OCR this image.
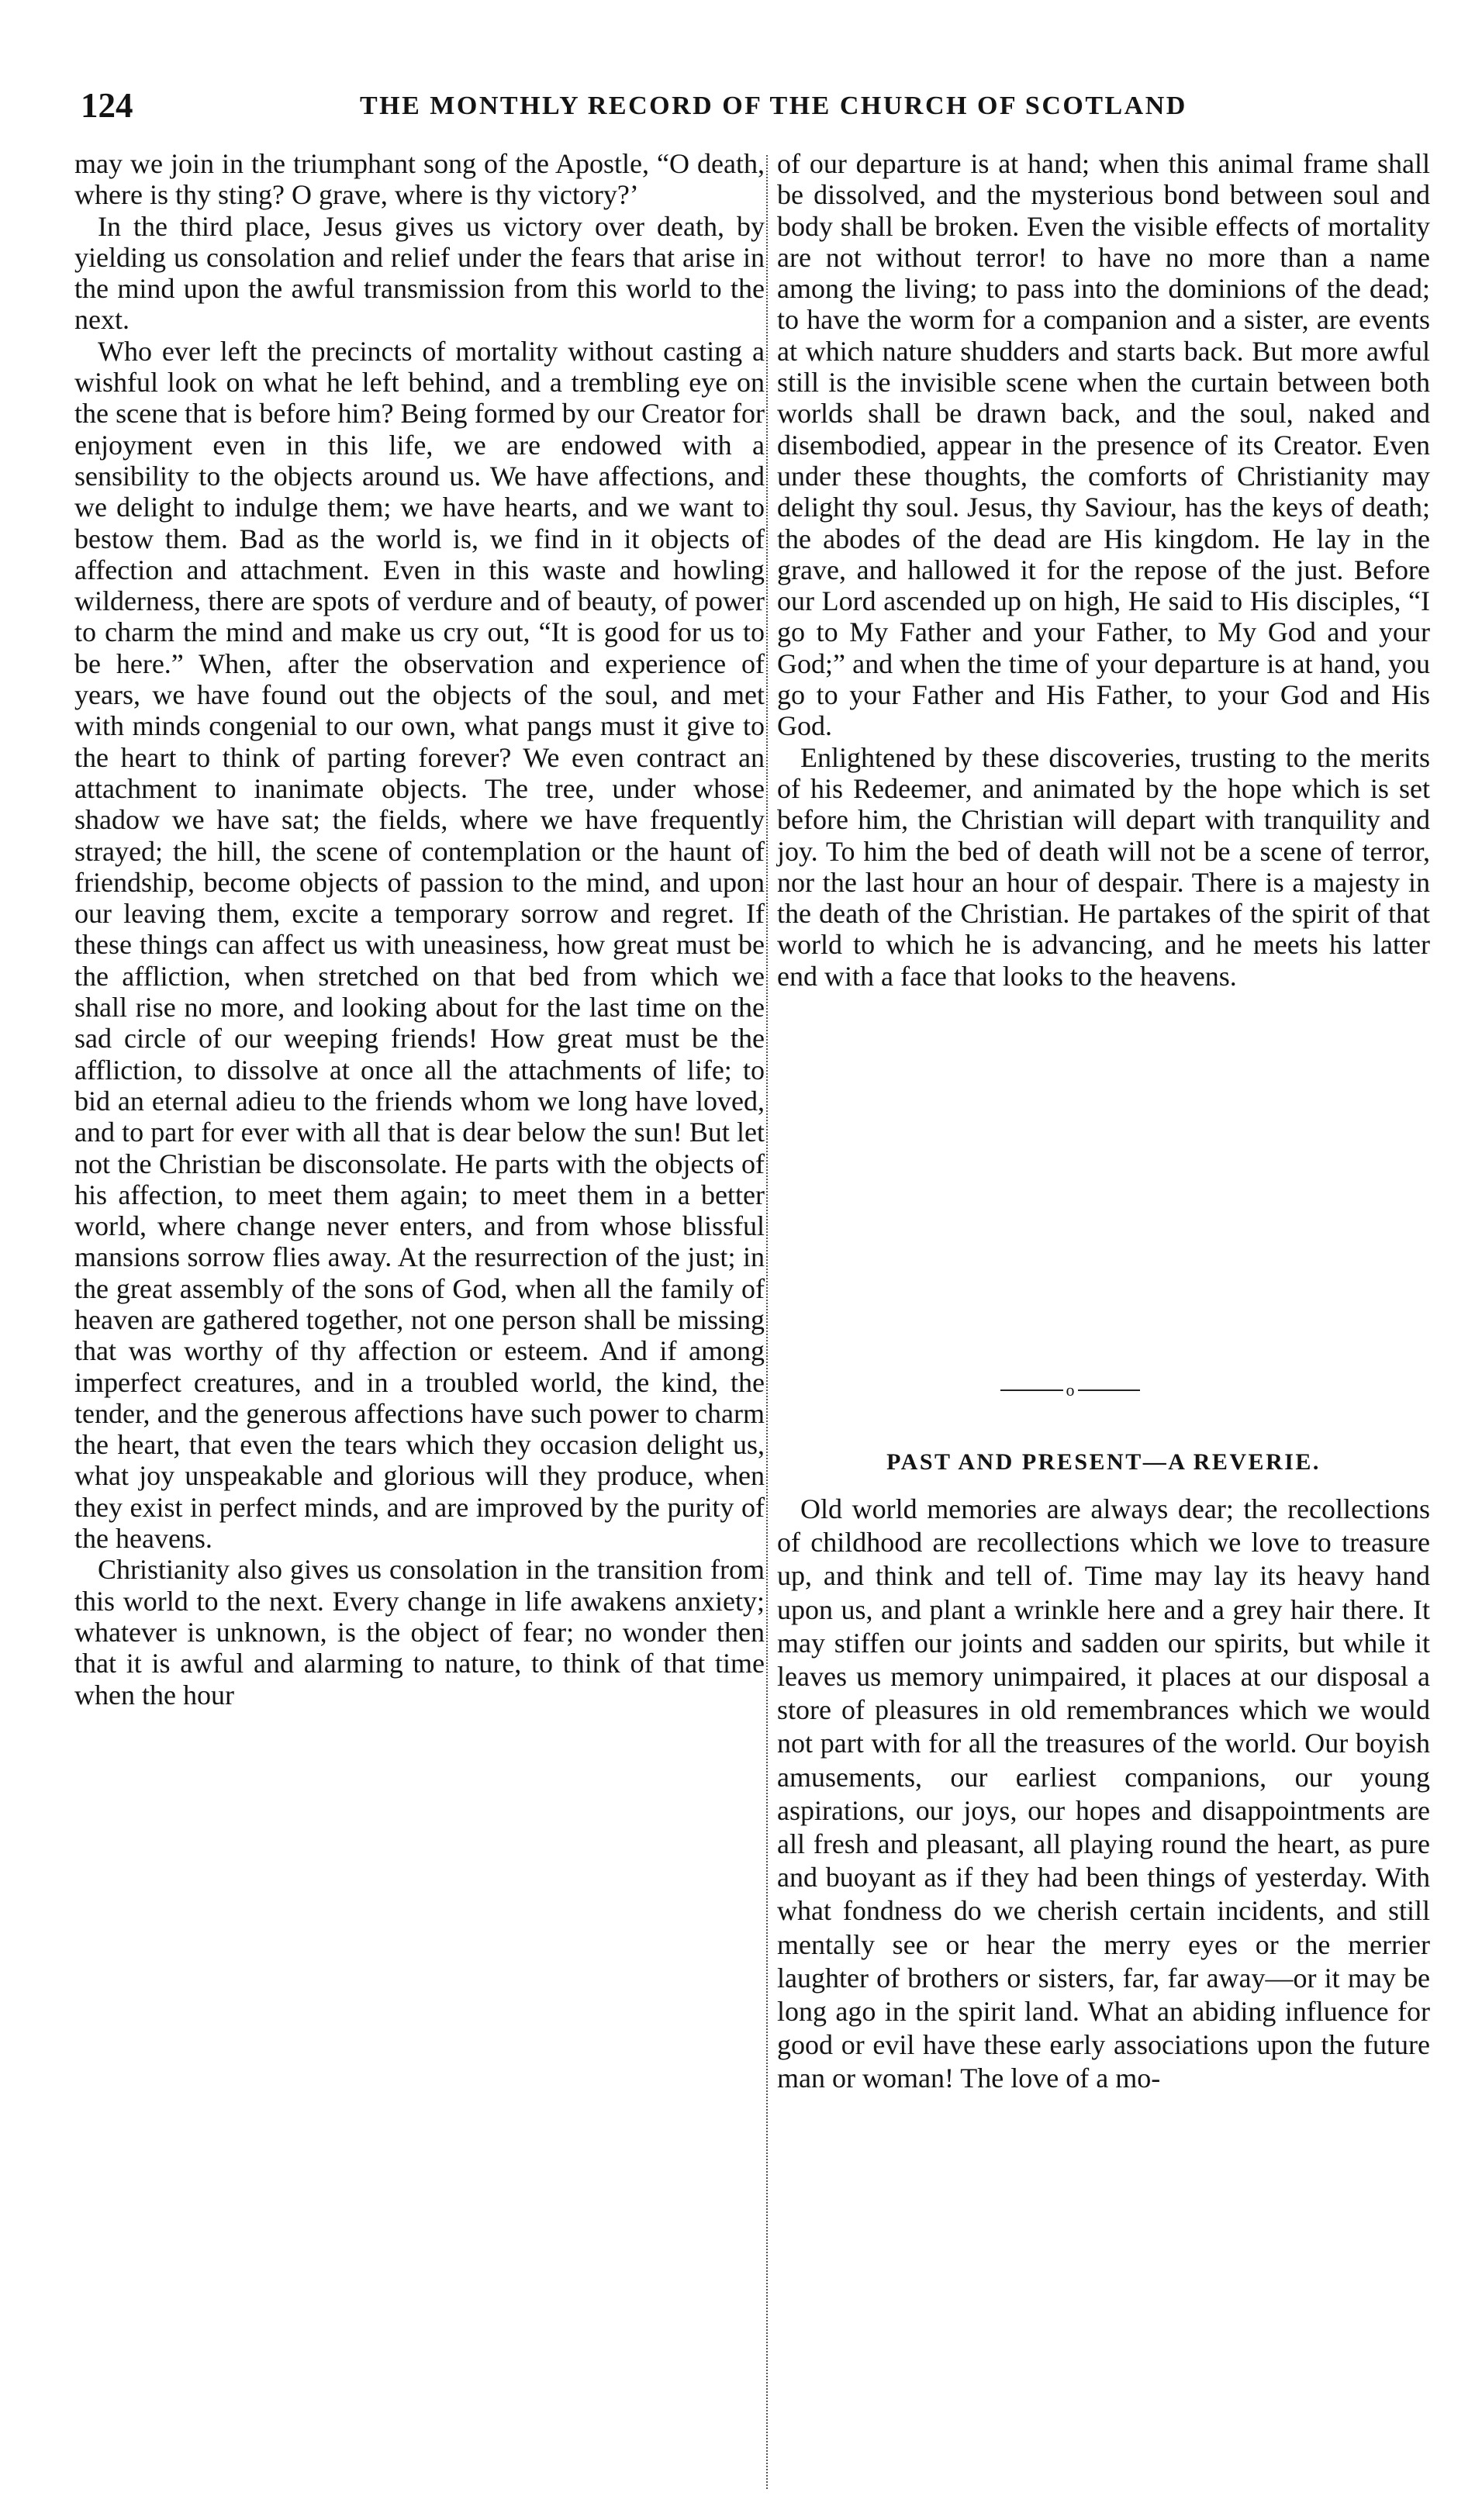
124	THE MONTHLY RECORD OF THE CHURCH OF SCOTLAND

may we join in the triumphant song of the Apostle, “O death, where is thy sting? O grave, where is thy victory?’

In the third place, Jesus gives us victory over death, by yielding us consolation and relief under the fears that arise in the mind upon the awful transmission from this world to the next.

Who ever left the precincts of mortality without casting a wishful look on what he left behind, and a trembling eye on the scene that is before him? Being formed by our Creator for enjoyment even in this life, we are endowed with a sensibility to the objects around us. We have affections, and we delight to indulge them; we have hearts, and we want to bestow them. Bad as the world is, we find in it objects of affection and attachment. Even in this waste and howling wilderness, there are spots of verdure and of beauty, of power to charm the mind and make us cry out, “It is good for us to be here.” When, after the observation and experience of years, we have found out the objects of the soul, and met with minds congenial to our own, what pangs must it give to the heart to think of parting forever? We even contract an attachment to inanimate objects. The tree, under whose shadow we have sat; the fields, where we have frequently strayed; the hill, the scene of contemplation or the haunt of friendship, become objects of passion to the mind, and upon our leaving them, excite a temporary sorrow and regret. If these things can affect us with uneasiness, how great must be the affliction, when stretched on that bed from which we shall rise no more, and looking about for the last time on the sad circle of our weeping friends! How great must be the affliction, to dissolve at once all the attachments of life; to bid an eternal adieu to the friends whom we long have loved, and to part for ever with all that is dear below the sun! But let not the Christian be disconsolate. He parts with the objects of his affection, to meet them again; to meet them in a better world, where change never enters, and from whose blissful mansions sorrow flies away. At the resurrection of the just; in the great assembly of the sons of God, when all the family of heaven are gathered together, not one person shall be missing that was worthy of thy affection or esteem. And if among imperfect creatures, and in a troubled world, the kind, the tender, and the generous affections have such power to charm the heart, that even the tears which they occasion delight us, what joy unspeakable and glorious will they produce, when they exist in perfect minds, and are improved by the purity of the heavens.

Christianity also gives us consolation in the transition from this world to the next. Every change in life awakens anxiety; whatever is unknown, is the object of fear; no wonder then that it is awful and alarming to nature, to think of that time when the hour

of our departure is at hand; when this animal frame shall be dissolved, and the mysterious bond between soul and body shall be broken. Even the visible effects of mortality are not without terror! to have no more than a name among the living; to pass into the dominions of the dead; to have the worm for a companion and a sister, are events at which nature shudders and starts back. But more awful still is the invisible scene when the curtain between both worlds shall be drawn back, and the soul, naked and disembodied, appear in the presence of its Creator. Even under these thoughts, the comforts of Christianity may delight thy soul. Jesus, thy Saviour, has the keys of death; the abodes of the dead are His kingdom. He lay in the grave, and hallowed it for the repose of the just. Before our Lord ascended up on high, He said to His disciples, “I go to My Father and your Father, to My God and your God;” and when the time of your departure is at hand, you go to your Father and His Father, to your God and His God.

Enlightened by these discoveries, trusting to the merits of his Redeemer, and animated by the hope which is set before him, the Christian will depart with tranquility and joy. To him the bed of death will not be a scene of terror, nor the last hour an hour of despair. There is a majesty in the death of the Christian. He partakes of the spirit of that world to which he is advancing, and he meets his latter end with a face that looks to the heavens.

o
PAST AND PRESENT—A REVERIE.

Old world memories are always dear; the recollections of childhood are recollections which we love to treasure up, and think and tell of. Time may lay its heavy hand upon us, and plant a wrinkle here and a grey hair there. It may stiffen our joints and sadden our spirits, but while it leaves us memory unimpaired, it places at our disposal a store of pleasures in old remembrances which we would not part with for all the treasures of the world. Our boyish amusements, our earliest companions, our young aspirations, our joys, our hopes and disappointments are all fresh and pleasant, all playing round the heart, as pure and buoyant as if they had been things of yesterday. With what fondness do we cherish certain incidents, and still mentally see or hear the merry eyes or the merrier laughter of brothers or sisters, far, far away—or it may be long ago in the spirit land. What an abiding influence for good or evil have these early associations upon the future man or woman! The love of a mo-
